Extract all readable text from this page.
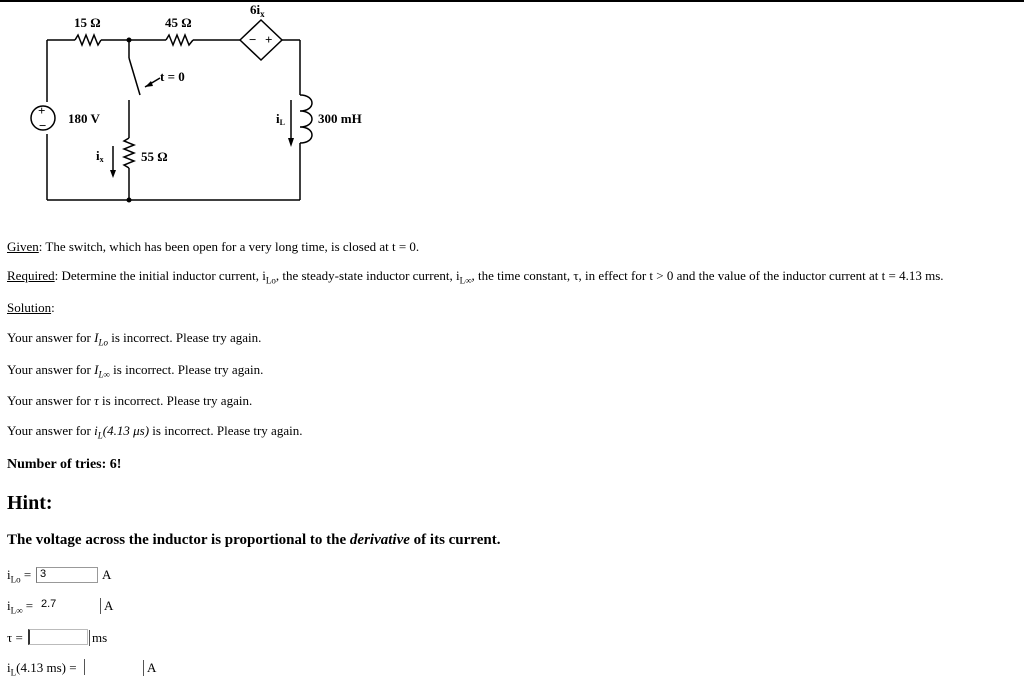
+
−
− +
15 Ω	45 Ω
$6i_x$
t = 0
180 V	300 mH
iL
ix	55 Ω
Given: The switch, which has been open for a very long time, is closed at t = 0.
Required: Determine the initial inductor current, $i_{Lo}$, the steady-state inductor current, $i_{L\infty}$, the time constant, τ, in effect for t > 0 and the value of the inductor current at t = 4.13 ms.
Solution:
Your answer for $I_{Lo}$ is incorrect. Please try again.
Your answer for $I_{L\infty}$ is incorrect. Please try again.
Your answer for τ is incorrect. Please try again.
Your answer for $i_L(4.13$ μs) is incorrect. Please try again.
Number of tries: 6!
Hint:
The voltage across the inductor is proportional to the derivative of its current.
$i_{Lo} = 3$	A
$i_{L\infty} = 2.7$	A
τ =	ms
$i_L(4.13$ ms) =	A
